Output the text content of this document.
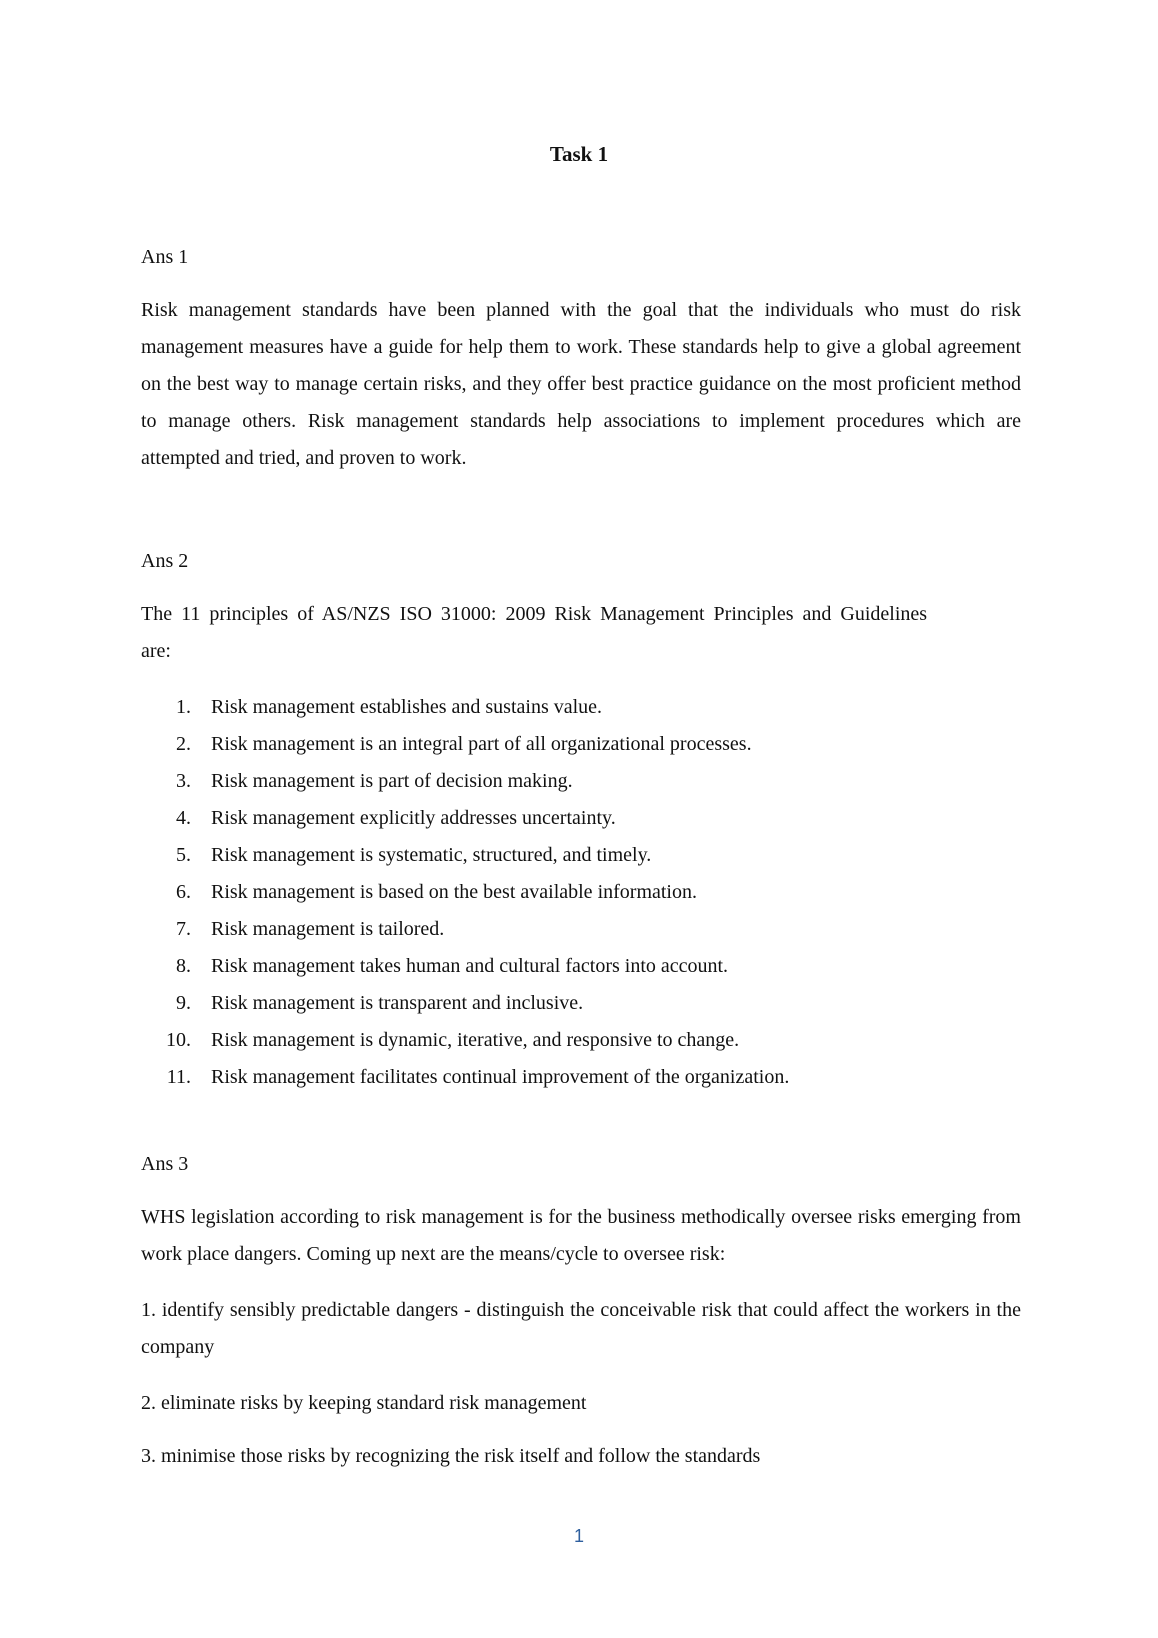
Task 1
Ans 1

Risk management standards have been planned with the goal that the individuals who must do risk management measures have a guide for help them to work. These standards help to give a global agreement on the best way to manage certain risks, and they offer best practice guidance on the most proficient method to manage others. Risk management standards help associations to implement procedures which are attempted and tried, and proven to work.

Ans 2

The 11 principles of AS/NZS ISO 31000: 2009 Risk Management Principles and Guidelines

are:

1. Risk management establishes and sustains value.
2. Risk management is an integral part of all organizational processes.
3. Risk management is part of decision making.
4. Risk management explicitly addresses uncertainty.
5. Risk management is systematic, structured, and timely.
6. Risk management is based on the best available information.
7. Risk management is tailored.
8. Risk management takes human and cultural factors into account.
9. Risk management is transparent and inclusive.
10. Risk management is dynamic, iterative, and responsive to change.
11. Risk management facilitates continual improvement of the organization.
Ans 3

WHS legislation according to risk management is for the business methodically oversee risks emerging from work place dangers. Coming up next are the means/cycle to oversee risk:

1. identify sensibly predictable dangers - distinguish the conceivable risk that could affect the workers in the company

2. eliminate risks by keeping standard risk management

3. minimise those risks by recognizing the risk itself and follow the standards

1
